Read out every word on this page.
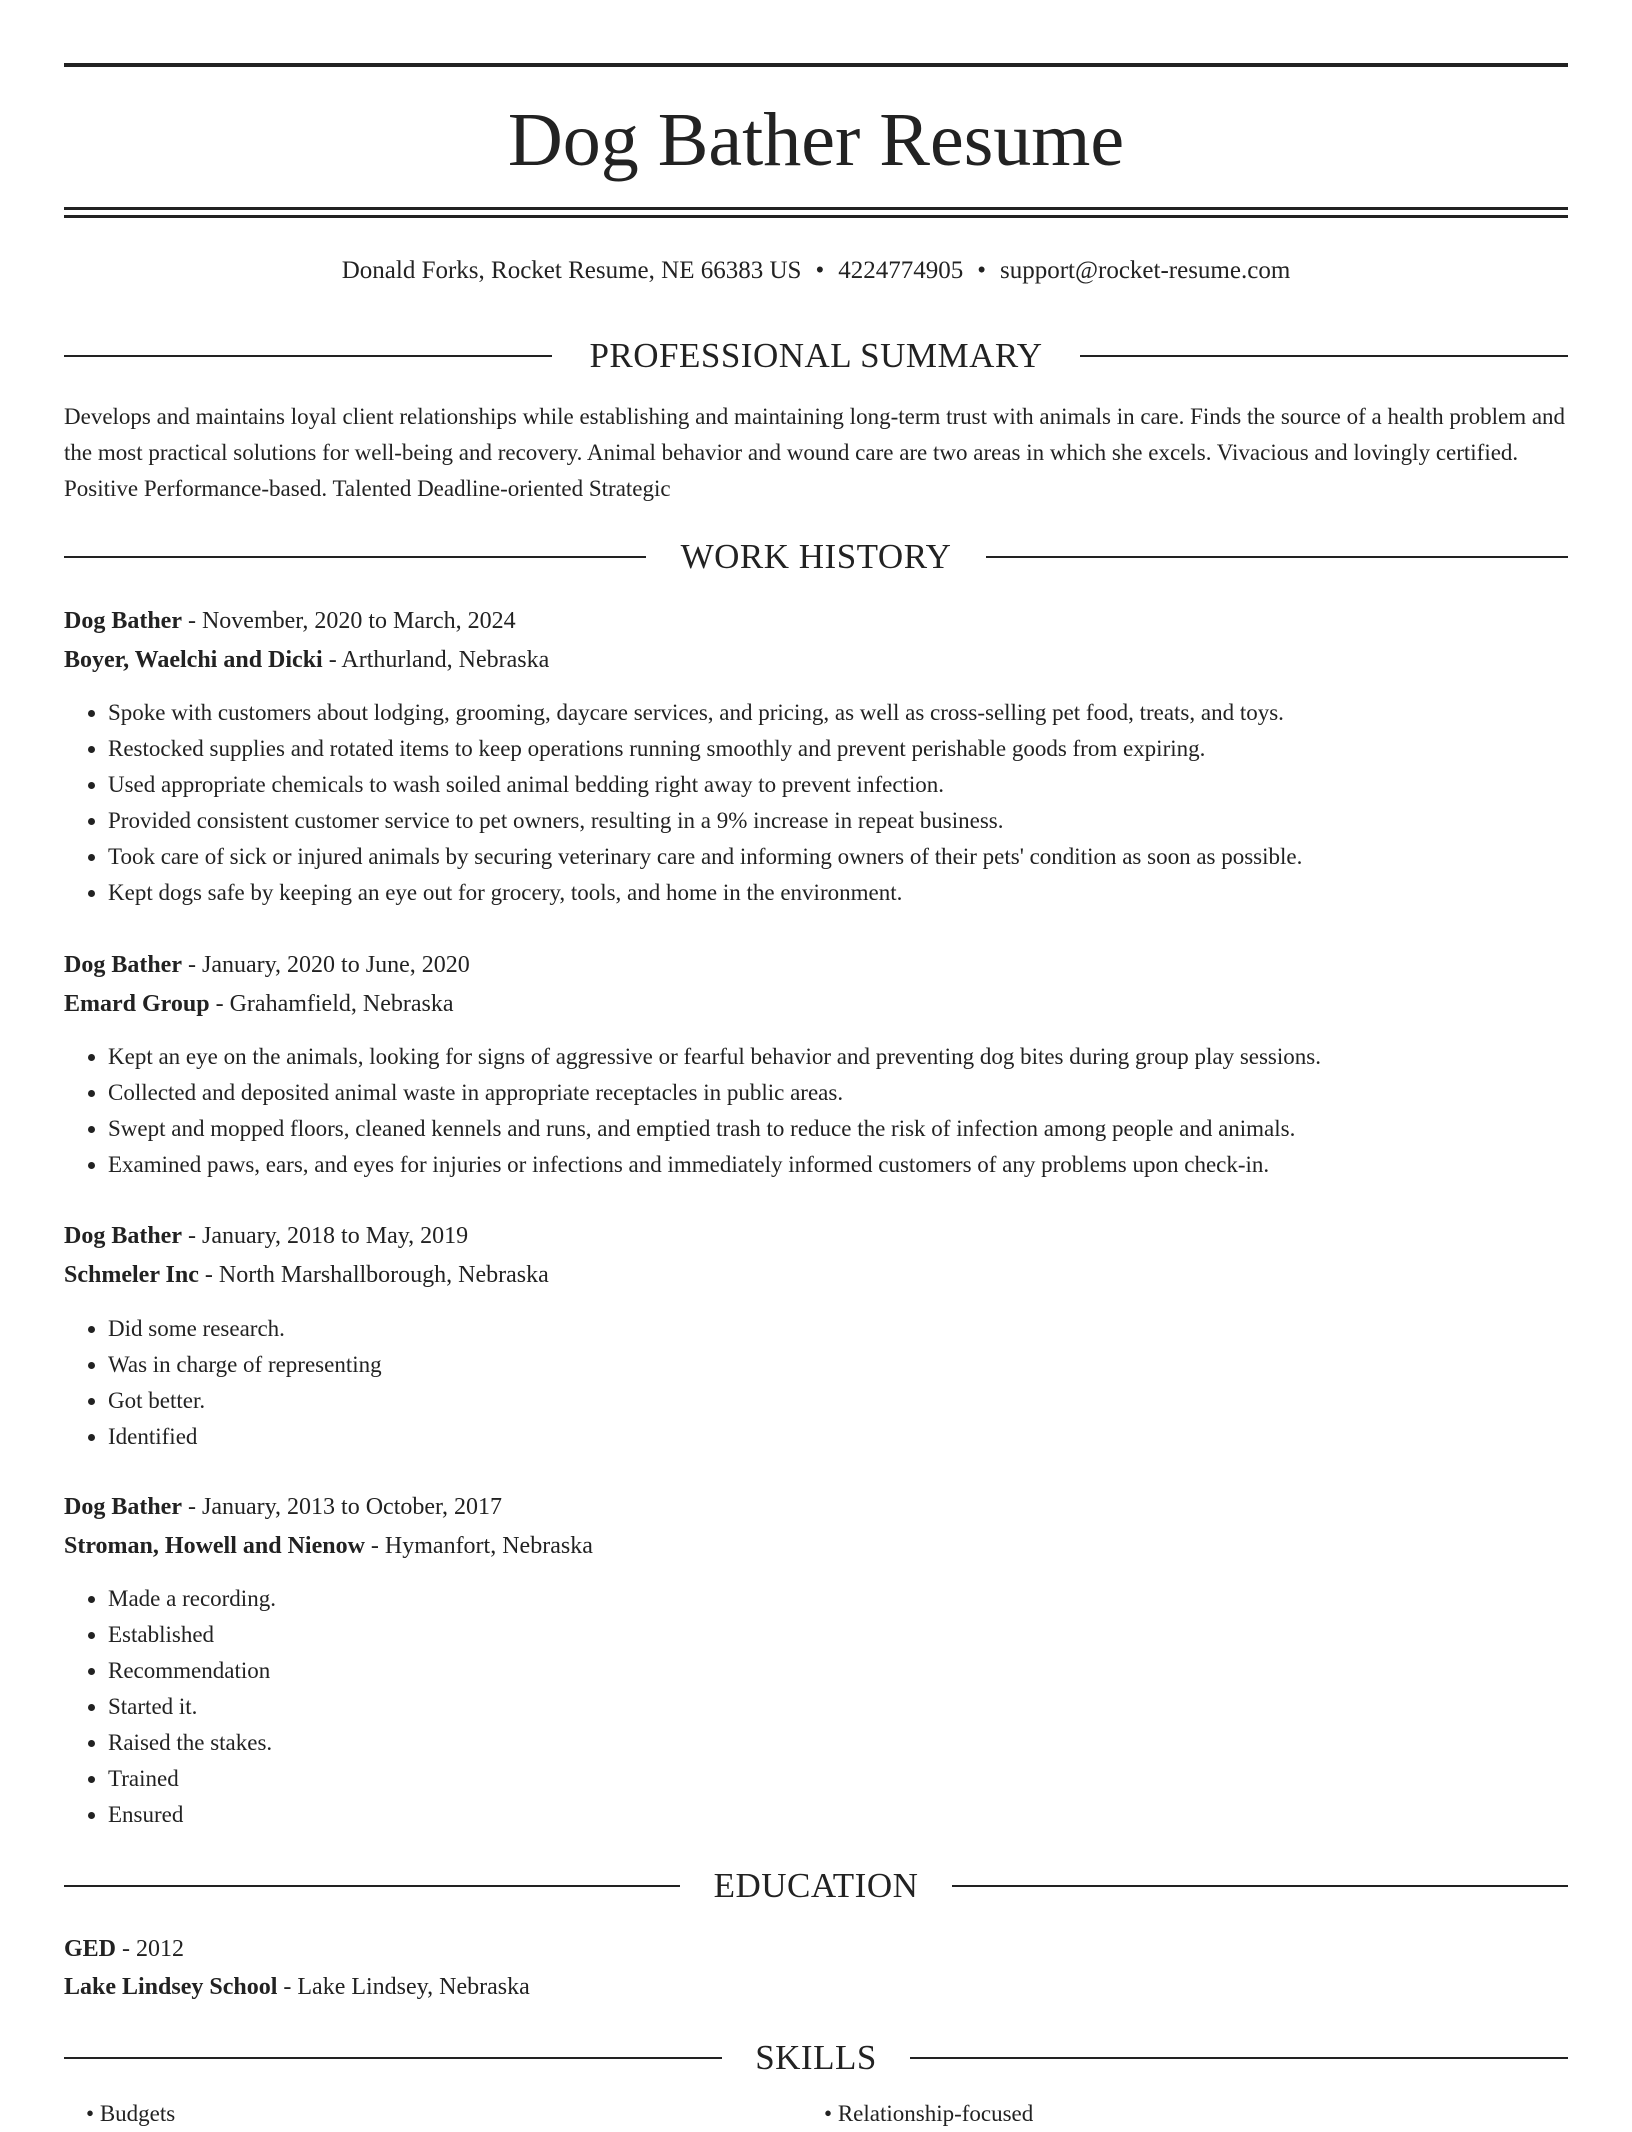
Dog Bather Resume
Donald Forks, Rocket Resume, NE 66383 US • 4224774905 • support@rocket-resume.com
PROFESSIONAL SUMMARY
Develops and maintains loyal client relationships while establishing and maintaining long-term trust with animals in care. Finds the source of a health problem and the most practical solutions for well-being and recovery. Animal behavior and wound care are two areas in which she excels. Vivacious and lovingly certified. Positive Performance-based. Talented Deadline-oriented Strategic
WORK HISTORY
Dog Bather - November, 2020 to March, 2024
Boyer, Waelchi and Dicki - Arthurland, Nebraska
• Spoke with customers about lodging, grooming, daycare services, and pricing, as well as cross-selling pet food, treats, and toys.
• Restocked supplies and rotated items to keep operations running smoothly and prevent perishable goods from expiring.
• Used appropriate chemicals to wash soiled animal bedding right away to prevent infection.
• Provided consistent customer service to pet owners, resulting in a 9% increase in repeat business.
• Took care of sick or injured animals by securing veterinary care and informing owners of their pets' condition as soon as possible.
• Kept dogs safe by keeping an eye out for grocery, tools, and home in the environment.
Dog Bather - January, 2020 to June, 2020
Emard Group - Grahamfield, Nebraska
• Kept an eye on the animals, looking for signs of aggressive or fearful behavior and preventing dog bites during group play sessions.
• Collected and deposited animal waste in appropriate receptacles in public areas.
• Swept and mopped floors, cleaned kennels and runs, and emptied trash to reduce the risk of infection among people and animals.
• Examined paws, ears, and eyes for injuries or infections and immediately informed customers of any problems upon check-in.
Dog Bather - January, 2018 to May, 2019
Schmeler Inc - North Marshallborough, Nebraska
• Did some research.
• Was in charge of representing
• Got better.
• Identified
Dog Bather - January, 2013 to October, 2017
Stroman, Howell and Nienow - Hymanfort, Nebraska
• Made a recording.
• Established
• Recommendation
• Started it.
• Raised the stakes.
• Trained
• Ensured
EDUCATION
GED - 2012
Lake Lindsey School - Lake Lindsey, Nebraska
SKILLS
• Budgets	• Relationship-focused
